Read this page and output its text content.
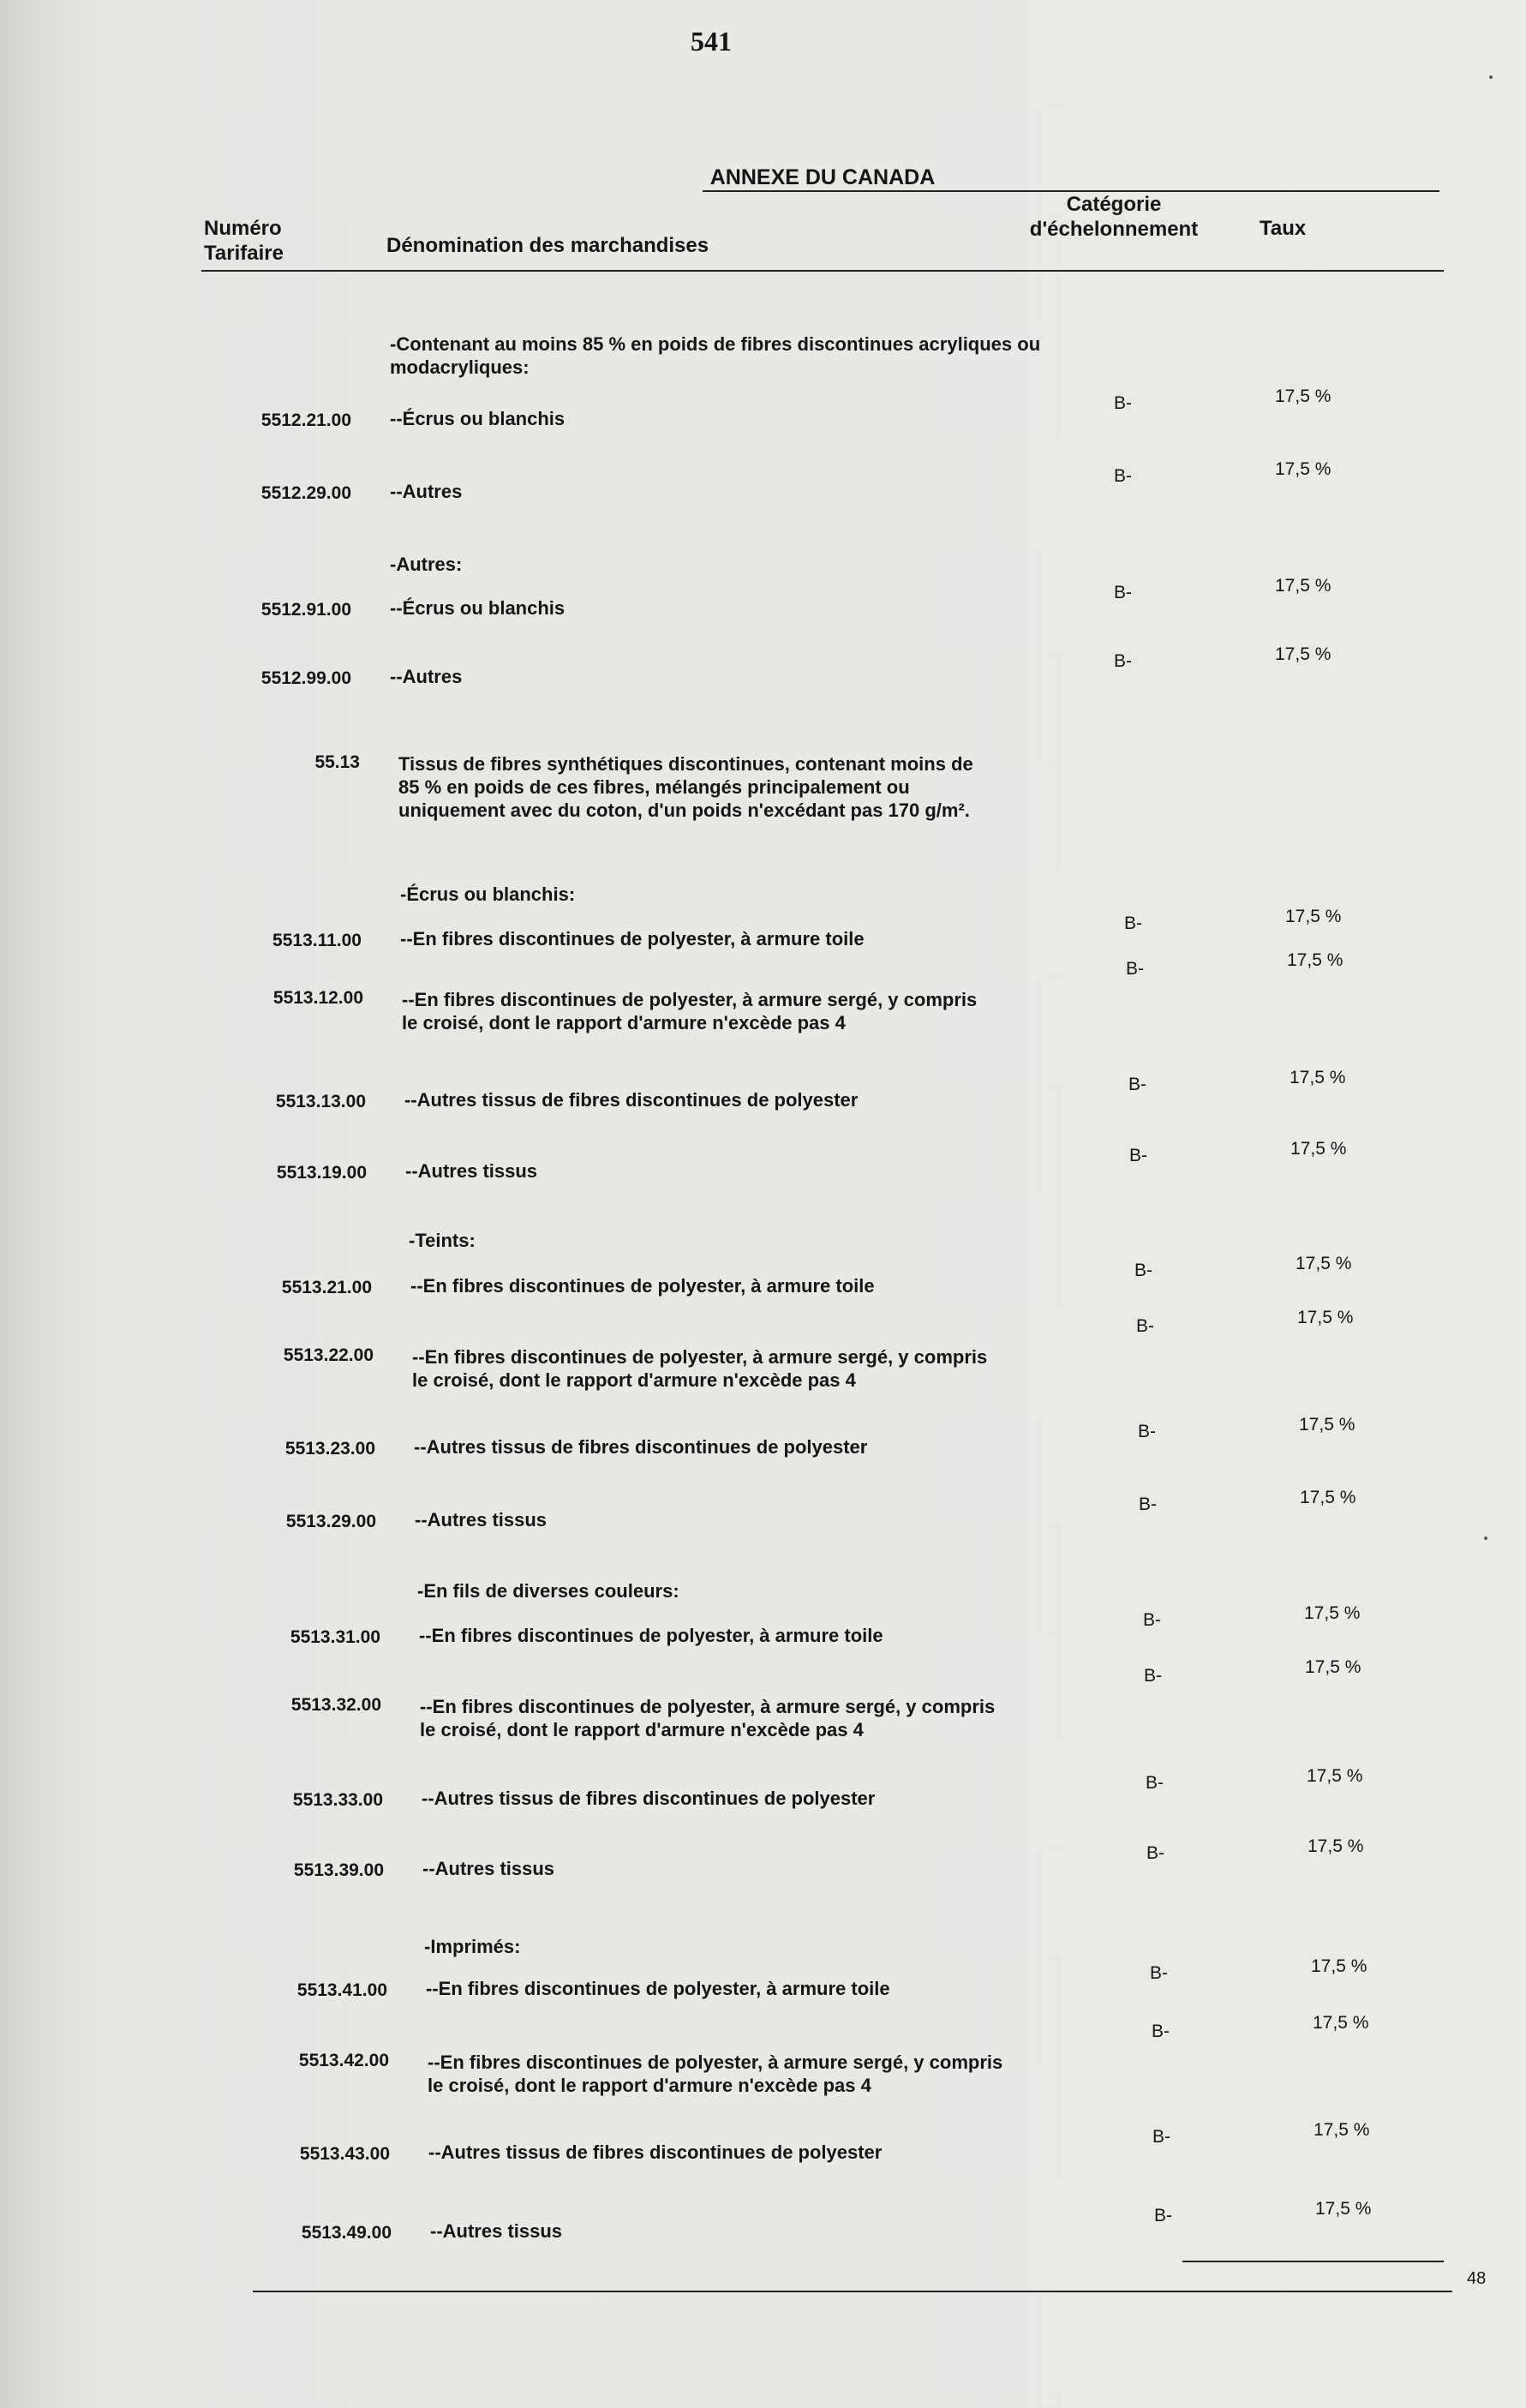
541
ANNEXE DU CANADA
Numéro
Tarifaire	Dénomination des marchandises
Catégorie
d'échelonnement	Taux
-Contenant au moins 85 % en poids de fibres discontinues acryliques ou modacryliques:
5512.21.00 --Écrus ou blanchis
B-	17,5 %
5512.29.00 --Autres
B-	17,5 %
-Autres:
5512.91.00 --Écrus ou blanchis
B-	17,5 %
5512.99.00 --Autres
B-	17,5 %
55.13 Tissus de fibres synthétiques discontinues, contenant moins de 85 % en poids de ces fibres, mélangés principalement ou uniquement avec du coton, d'un poids n'excédant pas 170 g/m².
-Écrus ou blanchis:
5513.11.00 --En fibres discontinues de polyester, à armure toile
B-	17,5 %
5513.12.00 --En fibres discontinues de polyester, à armure sergé, y compris le croisé, dont le rapport d'armure n'excède pas 4
B-	17,5 %
5513.13.00 --Autres tissus de fibres discontinues de polyester
B-	17,5 %
5513.19.00 --Autres tissus
B-	17,5 %
-Teints:
5513.21.00 --En fibres discontinues de polyester, à armure toile
B-	17,5 %
5513.22.00 --En fibres discontinues de polyester, à armure sergé, y compris le croisé, dont le rapport d'armure n'excède pas 4
B-	17,5 %
5513.23.00 --Autres tissus de fibres discontinues de polyester
B-	17,5 %
5513.29.00 --Autres tissus
B-	17,5 %
-En fils de diverses couleurs:
5513.31.00 --En fibres discontinues de polyester, à armure toile
B-	17,5 %
5513.32.00 --En fibres discontinues de polyester, à armure sergé, y compris le croisé, dont le rapport d'armure n'excède pas 4
B-	17,5 %
5513.33.00 --Autres tissus de fibres discontinues de polyester
B-	17,5 %
5513.39.00 --Autres tissus
B-	17,5 %
-Imprimés:
5513.41.00 --En fibres discontinues de polyester, à armure toile
B-	17,5 %
5513.42.00 --En fibres discontinues de polyester, à armure sergé, y compris le croisé, dont le rapport d'armure n'excède pas 4
B-	17,5 %
5513.43.00 --Autres tissus de fibres discontinues de polyester
B-	17,5 %
5513.49.00 --Autres tissus
B-	17,5 %
48
